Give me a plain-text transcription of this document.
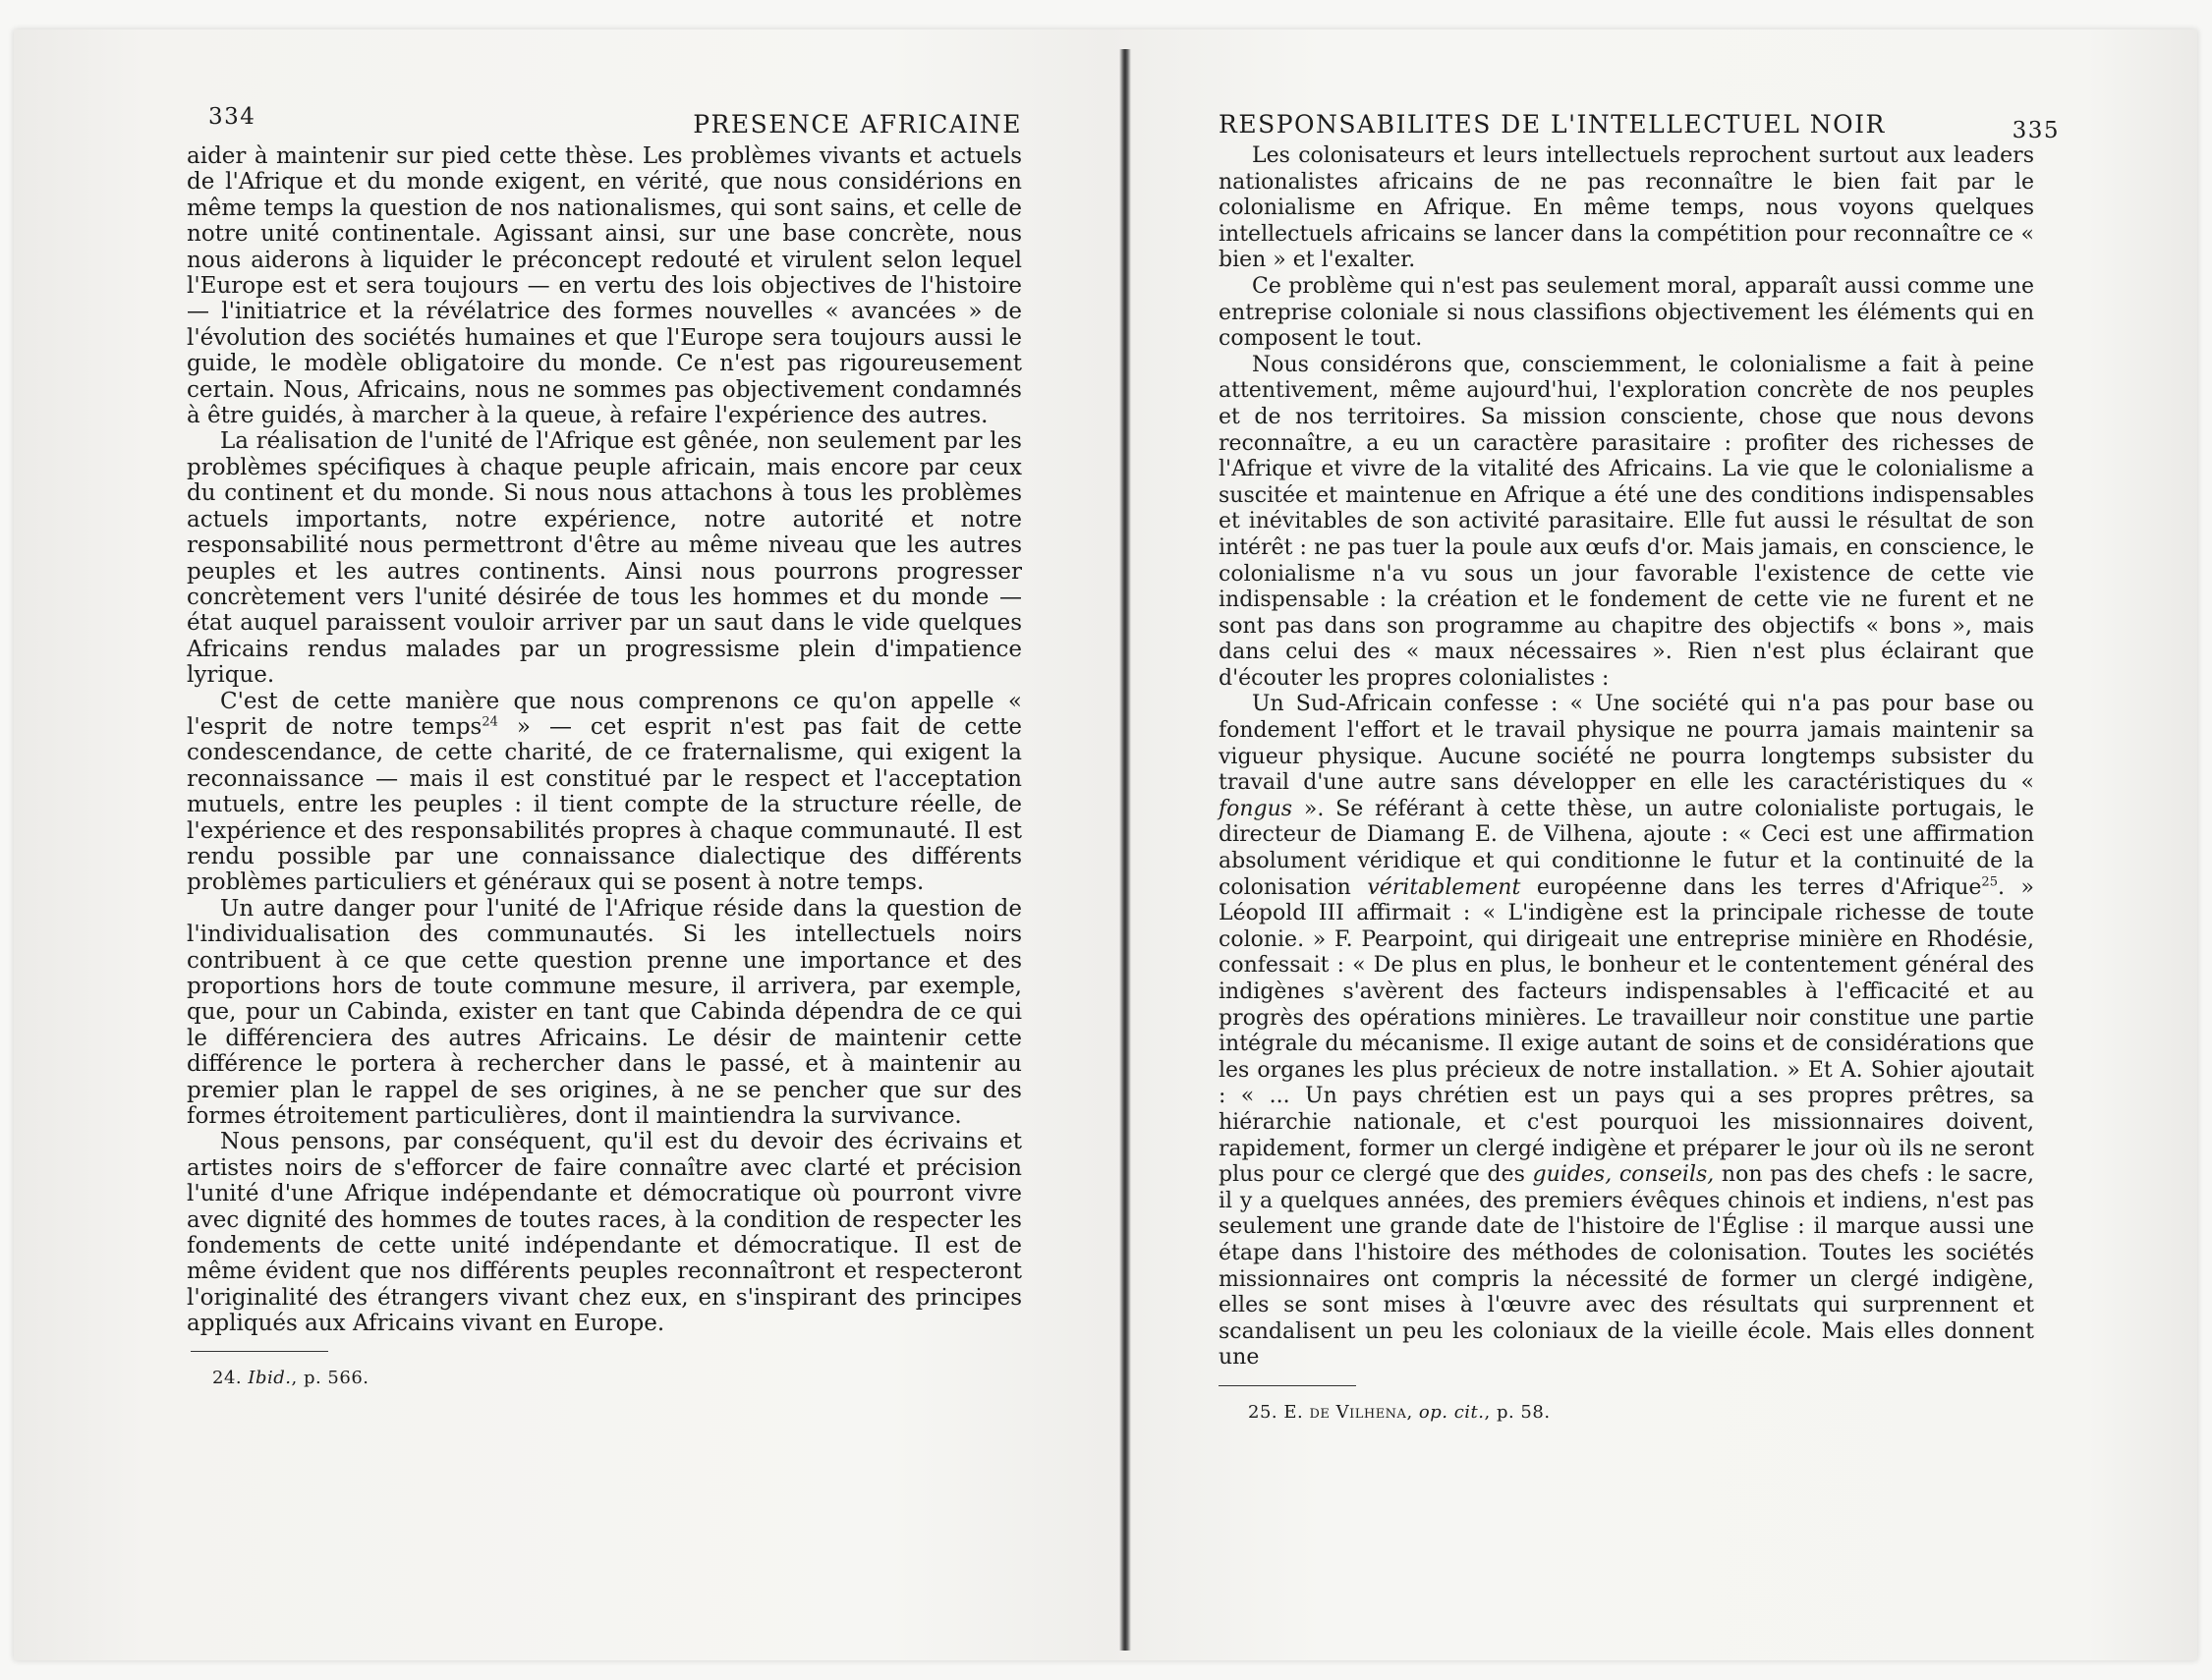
334	PRESENCE AFRICAINE

aider à maintenir sur pied cette thèse. Les problèmes vivants et actuels de l'Afrique et du monde exigent, en vérité, que nous considérions en même temps la question de nos nationalismes, qui sont sains, et celle de notre unité continentale. Agissant ainsi, sur une base concrète, nous nous aiderons à liquider le préconcept redouté et virulent selon lequel l'Europe est et sera toujours — en vertu des lois objectives de l'histoire — l'initiatrice et la révélatrice des formes nouvelles « avancées » de l'évolution des sociétés humaines et que l'Europe sera toujours aussi le guide, le modèle obligatoire du monde. Ce n'est pas rigoureusement certain. Nous, Africains, nous ne sommes pas objectivement condamnés à être guidés, à marcher à la queue, à refaire l'expérience des autres.

La réalisation de l'unité de l'Afrique est gênée, non seulement par les problèmes spécifiques à chaque peuple africain, mais encore par ceux du continent et du monde. Si nous nous attachons à tous les problèmes actuels importants, notre expérience, notre autorité et notre responsabilité nous permettront d'être au même niveau que les autres peuples et les autres continents. Ainsi nous pourrons progresser concrètement vers l'unité désirée de tous les hommes et du monde — état auquel paraissent vouloir arriver par un saut dans le vide quelques Africains rendus malades par un progressisme plein d'impatience lyrique.

C'est de cette manière que nous comprenons ce qu'on appelle « l'esprit de notre temps$^{24}$ » — cet esprit n'est pas fait de cette condescendance, de cette charité, de ce fraternalisme, qui exigent la reconnaissance — mais il est constitué par le respect et l'acceptation mutuels, entre les peuples : il tient compte de la structure réelle, de l'expérience et des responsabilités propres à chaque communauté. Il est rendu possible par une connaissance dialectique des différents problèmes particuliers et généraux qui se posent à notre temps.

Un autre danger pour l'unité de l'Afrique réside dans la question de l'individualisation des communautés. Si les intellectuels noirs contribuent à ce que cette question prenne une importance et des proportions hors de toute commune mesure, il arrivera, par exemple, que, pour un Cabinda, exister en tant que Cabinda dépendra de ce qui le différenciera des autres Africains. Le désir de maintenir cette différence le portera à rechercher dans le passé, et à maintenir au premier plan le rappel de ses origines, à ne se pencher que sur des formes étroitement particulières, dont il maintiendra la survivance.

Nous pensons, par conséquent, qu'il est du devoir des écrivains et artistes noirs de s'efforcer de faire connaître avec clarté et précision l'unité d'une Afrique indépendante et démocratique où pourront vivre avec dignité des hommes de toutes races, à la condition de respecter les fondements de cette unité indépendante et démocratique. Il est de même évident que nos différents peuples reconnaîtront et respecteront l'originalité des étrangers vivant chez eux, en s'inspirant des principes appliqués aux Africains vivant en Europe.

24. Ibid., p. 566.
RESPONSABILITES DE L'INTELLECTUEL NOIR	335

Les colonisateurs et leurs intellectuels reprochent surtout aux leaders nationalistes africains de ne pas reconnaître le bien fait par le colonialisme en Afrique. En même temps, nous voyons quelques intellectuels africains se lancer dans la compétition pour reconnaître ce « bien » et l'exalter.

Ce problème qui n'est pas seulement moral, apparaît aussi comme une entreprise coloniale si nous classifions objectivement les éléments qui en composent le tout.

Nous considérons que, consciemment, le colonialisme a fait à peine attentivement, même aujourd'hui, l'exploration concrète de nos peuples et de nos territoires. Sa mission consciente, chose que nous devons reconnaître, a eu un caractère parasitaire : profiter des richesses de l'Afrique et vivre de la vitalité des Africains. La vie que le colonialisme a suscitée et maintenue en Afrique a été une des conditions indispensables et inévitables de son activité parasitaire. Elle fut aussi le résultat de son intérêt : ne pas tuer la poule aux œufs d'or. Mais jamais, en conscience, le colonialisme n'a vu sous un jour favorable l'existence de cette vie indispensable : la création et le fondement de cette vie ne furent et ne sont pas dans son programme au chapitre des objectifs « bons », mais dans celui des « maux nécessaires ». Rien n'est plus éclairant que d'écouter les propres colonialistes :

Un Sud-Africain confesse : « Une société qui n'a pas pour base ou fondement l'effort et le travail physique ne pourra jamais maintenir sa vigueur physique. Aucune société ne pourra longtemps subsister du travail d'une autre sans développer en elle les caractéristiques du « fongus ». Se référant à cette thèse, un autre colonialiste portugais, le directeur de Diamang E. de Vilhena, ajoute : « Ceci est une affirmation absolument véridique et qui conditionne le futur et la continuité de la colonisation véritablement européenne dans les terres d'Afrique$^{25}$. » Léopold III affirmait : « L'indigène est la principale richesse de toute colonie. » F. Pearpoint, qui dirigeait une entreprise minière en Rhodésie, confessait : « De plus en plus, le bonheur et le contentement général des indigènes s'avèrent des facteurs indispensables à l'efficacité et au progrès des opérations minières. Le travailleur noir constitue une partie intégrale du mécanisme. Il exige autant de soins et de considérations que les organes les plus précieux de notre installation. » Et A. Sohier ajoutait : « ... Un pays chrétien est un pays qui a ses propres prêtres, sa hiérarchie nationale, et c'est pourquoi les missionnaires doivent, rapidement, former un clergé indigène et préparer le jour où ils ne seront plus pour ce clergé que des guides, conseils, non pas des chefs : le sacre, il y a quelques années, des premiers évêques chinois et indiens, n'est pas seulement une grande date de l'histoire de l'Église : il marque aussi une étape dans l'histoire des méthodes de colonisation. Toutes les sociétés missionnaires ont compris la nécessité de former un clergé indigène, elles se sont mises à l'œuvre avec des résultats qui surprennent et scandalisent un peu les coloniaux de la vieille école. Mais elles donnent une

25. E. de Vilhena, op. cit., p. 58.
